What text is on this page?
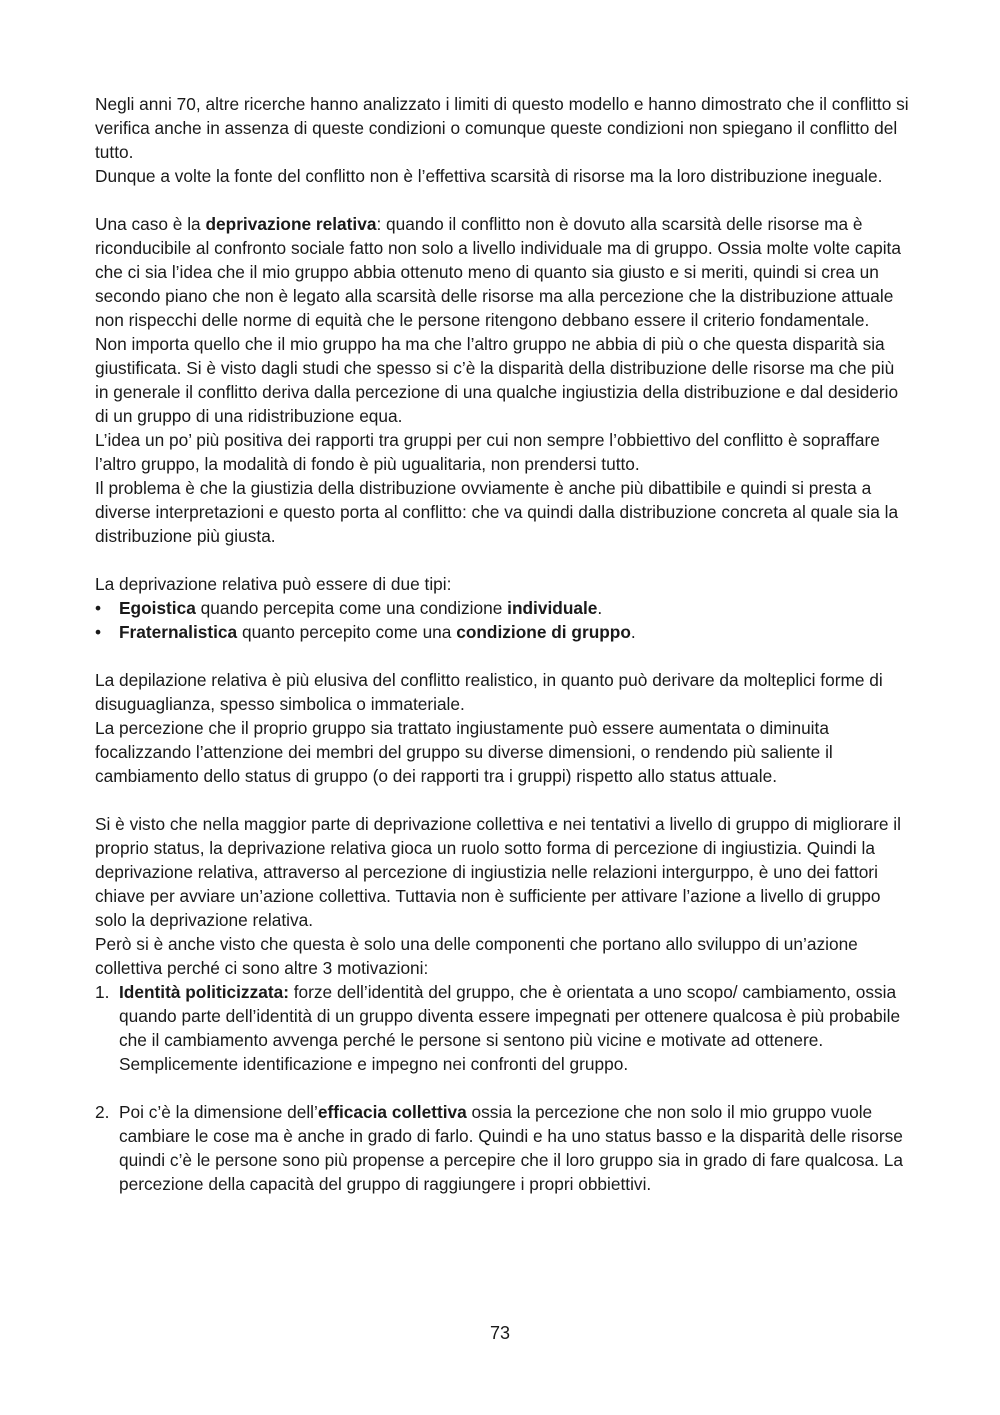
Negli anni 70, altre ricerche hanno analizzato i limiti di questo modello e hanno dimostrato che il conflitto si verifica anche in assenza di queste condizioni o comunque queste condizioni non spiegano il conflitto del tutto.

Dunque a volte la fonte del conflitto non è l’effettiva scarsità di risorse ma la loro distribuzione ineguale.

Una caso è la deprivazione relativa: quando il conflitto non è dovuto alla scarsità delle risorse ma è riconducibile al confronto sociale fatto non solo a livello individuale ma di gruppo. Ossia molte volte capita che ci sia l’idea che il mio gruppo abbia ottenuto meno di quanto sia giusto e si meriti, quindi si crea un secondo piano che non è legato alla scarsità delle risorse ma alla percezione che la distribuzione attuale non rispecchi delle norme di equità che le persone ritengono debbano essere il criterio fondamentale.

Non importa quello che il mio gruppo ha ma che l’altro gruppo ne abbia di più o che questa disparità sia giustificata. Si è visto dagli studi che spesso si c’è la disparità della distribuzione delle risorse ma che più in generale il conflitto deriva dalla percezione di una qualche ingiustizia della distribuzione e dal desiderio di un gruppo di una ridistribuzione equa.

L’idea un po’ più positiva dei rapporti tra gruppi per cui non sempre l’obbiettivo del conflitto è sopraffare l’altro gruppo, la modalità di fondo è più ugualitaria, non prendersi tutto.

Il problema è che la giustizia della distribuzione ovviamente è anche più dibattibile e quindi si presta a diverse interpretazioni e questo porta al conflitto: che va quindi dalla distribuzione concreta al quale sia la distribuzione più giusta.

La deprivazione relativa può essere di due tipi:

•	Egoistica quando percepita come una condizione individuale.
•	Fraternalistica quanto percepito come una condizione di gruppo.

La depilazione relativa è più elusiva del conflitto realistico, in quanto può derivare da molteplici forme di disuguaglianza, spesso simbolica o immateriale.

La percezione che il proprio gruppo sia trattato ingiustamente può essere aumentata o diminuita focalizzando l’attenzione dei membri del gruppo su diverse dimensioni, o rendendo più saliente il cambiamento dello status di gruppo (o dei rapporti tra i gruppi) rispetto allo status attuale.

Si è visto che nella maggior parte di deprivazione collettiva e nei tentativi a livello di gruppo di migliorare il proprio status, la deprivazione relativa gioca un ruolo sotto forma di percezione di ingiustizia. Quindi la deprivazione relativa, attraverso al percezione di ingiustizia nelle relazioni intergurppo, è uno dei fattori chiave per avviare un’azione collettiva. Tuttavia non è sufficiente per attivare l’azione a livello di gruppo solo la deprivazione relativa.

Però si è anche visto che questa è solo una delle componenti che portano allo sviluppo di un’azione collettiva perché ci sono altre 3 motivazioni:

1. Identità politicizzata: forze dell’identità del gruppo, che è orientata a uno scopo/ cambiamento, ossia quando parte dell’identità di un gruppo diventa essere impegnati per ottenere qualcosa è più probabile che il cambiamento avvenga perché le persone si sentono più vicine e motivate ad ottenere. Semplicemente identificazione e impegno nei confronti del gruppo.
2. Poi c’è la dimensione dell’efficacia collettiva ossia la percezione che non solo il mio gruppo vuole cambiare le cose ma è anche in grado di farlo. Quindi e ha uno status basso e la disparità delle risorse quindi c’è le persone sono più propense a percepire che il loro gruppo sia in grado di fare qualcosa. La percezione della capacità del gruppo di raggiungere i propri obbiettivi.
73
